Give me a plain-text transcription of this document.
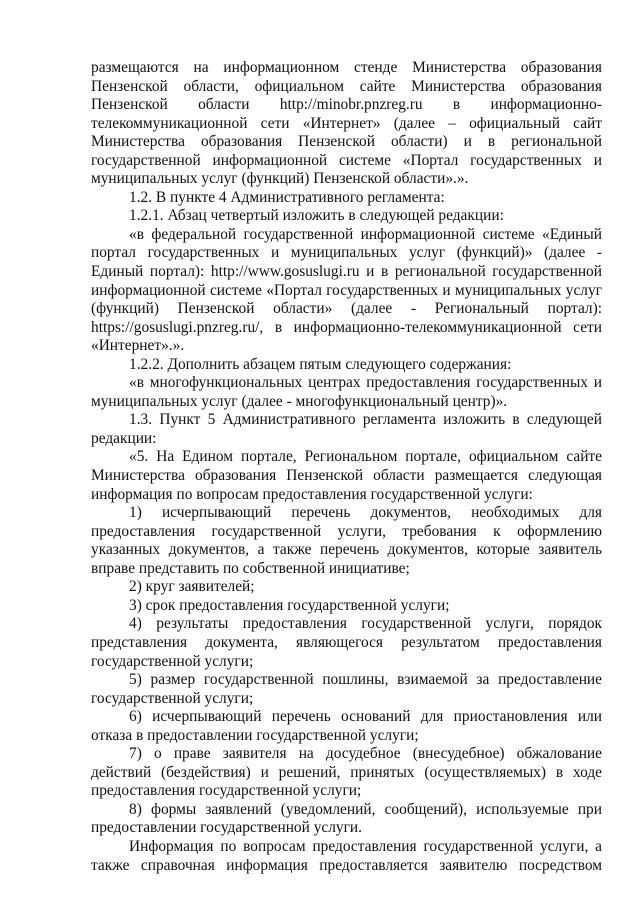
размещаются на информационном стенде Министерства образования Пензенской области, официальном сайте Министерства образования Пензенской области http://minobr.pnzreg.ru в информационно-телекоммуникационной сети «Интернет» (далее – официальный сайт Министерства образования Пензенской области) и в региональной государственной информационной системе «Портал государственных и муниципальных услуг (функций) Пензенской области».».

1.2. В пункте 4 Административного регламента:

1.2.1. Абзац четвертый изложить в следующей редакции:

«в федеральной государственной информационной системе «Единый портал государственных и муниципальных услуг (функций)» (далее - Единый портал): http://www.gosuslugi.ru и в региональной государственной информационной системе «Портал государственных и муниципальных услуг (функций) Пензенской области» (далее - Региональный портал): https://gosuslugi.pnzreg.ru/, в информационно-телекоммуникационной сети «Интернет».».

1.2.2. Дополнить абзацем пятым следующего содержания:

«в многофункциональных центрах предоставления государственных и муниципальных услуг (далее - многофункциональный центр)».

1.3. Пункт 5 Административного регламента изложить в следующей редакции:

«5. На Едином портале, Региональном портале, официальном сайте Министерства образования Пензенской области размещается следующая информация по вопросам предоставления государственной услуги:

1) исчерпывающий перечень документов, необходимых для предоставления государственной услуги, требования к оформлению указанных документов, а также перечень документов, которые заявитель вправе представить по собственной инициативе;

2) круг заявителей;

3) срок предоставления государственной услуги;

4) результаты предоставления государственной услуги, порядок представления документа, являющегося результатом предоставления государственной услуги;

5) размер государственной пошлины, взимаемой за предоставление государственной услуги;

6) исчерпывающий перечень оснований для приостановления или отказа в предоставлении государственной услуги;

7) о праве заявителя на досудебное (внесудебное) обжалование действий (бездействия) и решений, принятых (осуществляемых) в ходе предоставления государственной услуги;

8) формы заявлений (уведомлений, сообщений), используемые при предоставлении государственной услуги.

Информация по вопросам предоставления государственной услуги, а также справочная информация предоставляется заявителю посредством
